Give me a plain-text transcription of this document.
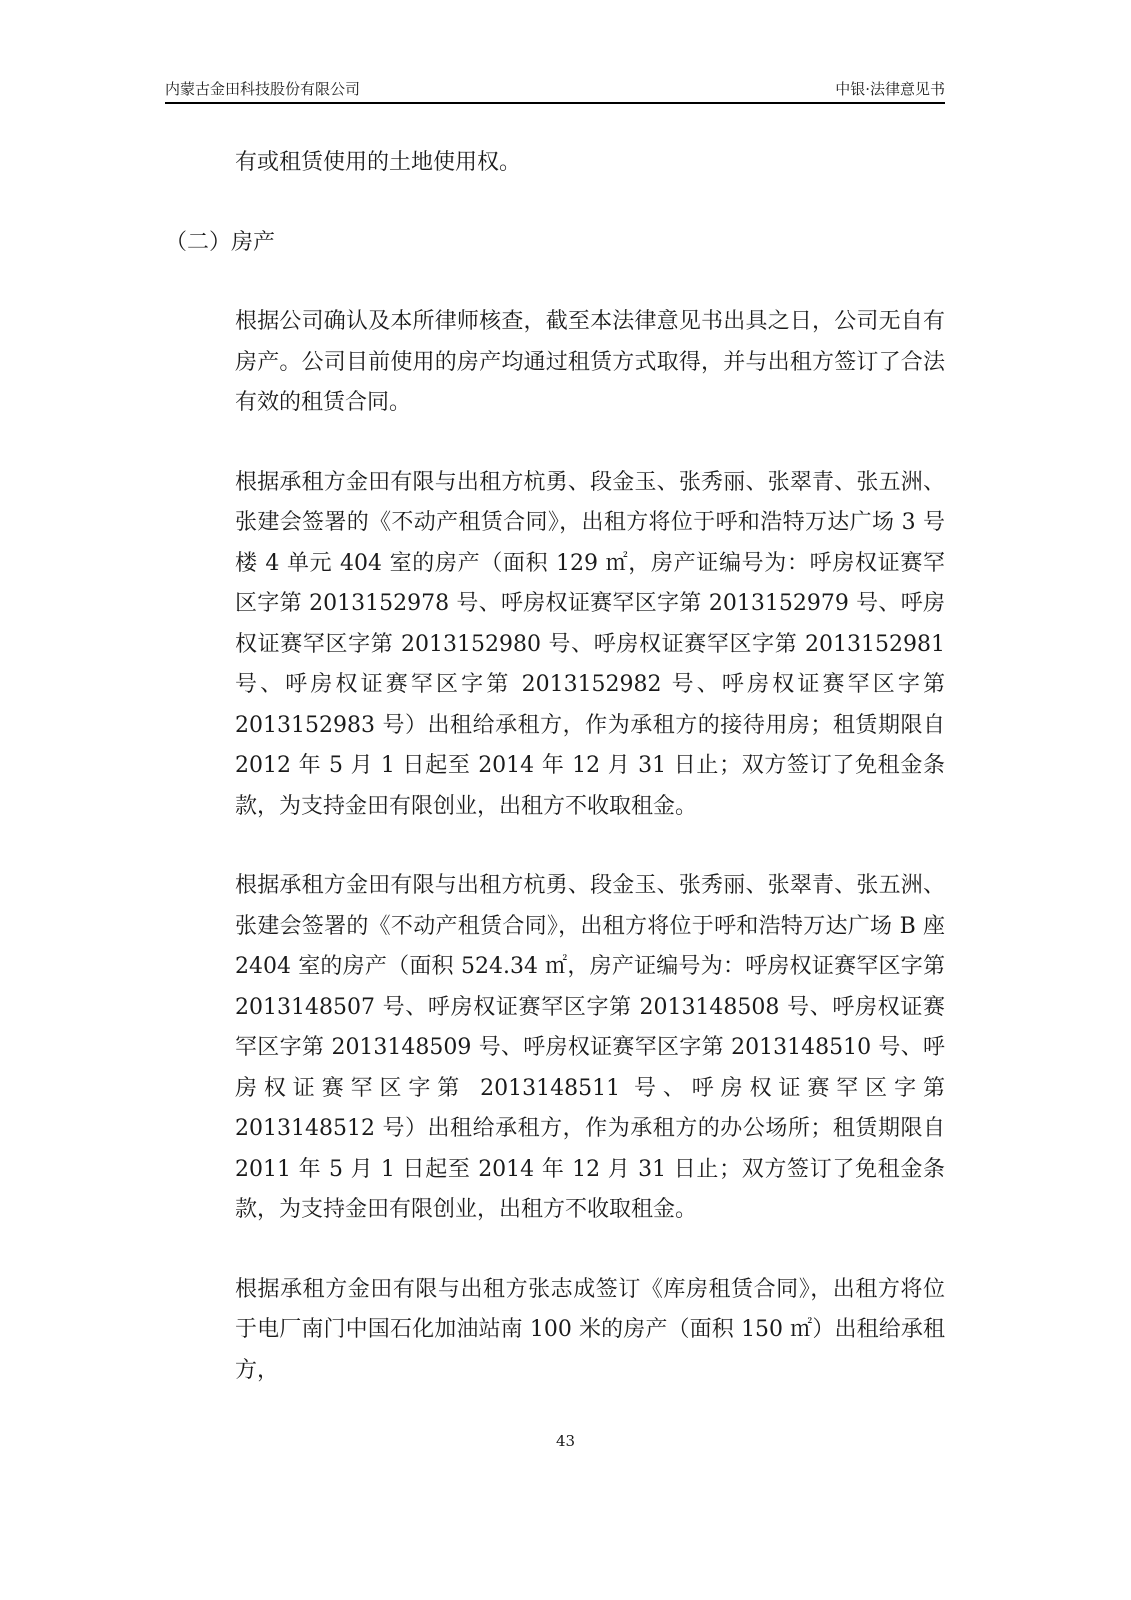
内蒙古金田科技股份有限公司	中银·法律意见书

有或租赁使用的土地使用权。

（二）房产

根据公司确认及本所律师核查，截至本法律意见书出具之日，公司无自有房产。公司目前使用的房产均通过租赁方式取得，并与出租方签订了合法有效的租赁合同。

根据承租方金田有限与出租方杭勇、段金玉、张秀丽、张翠青、张五洲、张建会签署的《不动产租赁合同》，出租方将位于呼和浩特万达广场 3 号楼 4 单元 404 室的房产（面积 129 ㎡，房产证编号为：呼房权证赛罕区字第 2013152978 号、呼房权证赛罕区字第 2013152979 号、呼房权证赛罕区字第 2013152980 号、呼房权证赛罕区字第 2013152981 号、呼房权证赛罕区字第 2013152982 号、呼房权证赛罕区字第 2013152983 号）出租给承租方，作为承租方的接待用房；租赁期限自 2012 年 5 月 1 日起至 2014 年 12 月 31 日止；双方签订了免租金条款，为支持金田有限创业，出租方不收取租金。

根据承租方金田有限与出租方杭勇、段金玉、张秀丽、张翠青、张五洲、张建会签署的《不动产租赁合同》，出租方将位于呼和浩特万达广场 B 座 2404 室的房产（面积 524.34 ㎡，房产证编号为：呼房权证赛罕区字第 2013148507 号、呼房权证赛罕区字第 2013148508 号、呼房权证赛罕区字第 2013148509 号、呼房权证赛罕区字第 2013148510 号、呼房权证赛罕区字第 2013148511 号、呼房权证赛罕区字第 2013148512 号）出租给承租方，作为承租方的办公场所；租赁期限自 2011 年 5 月 1 日起至 2014 年 12 月 31 日止；双方签订了免租金条款，为支持金田有限创业，出租方不收取租金。

根据承租方金田有限与出租方张志成签订《库房租赁合同》，出租方将位于电厂南门中国石化加油站南 100 米的房产（面积 150 ㎡）出租给承租方，

43
